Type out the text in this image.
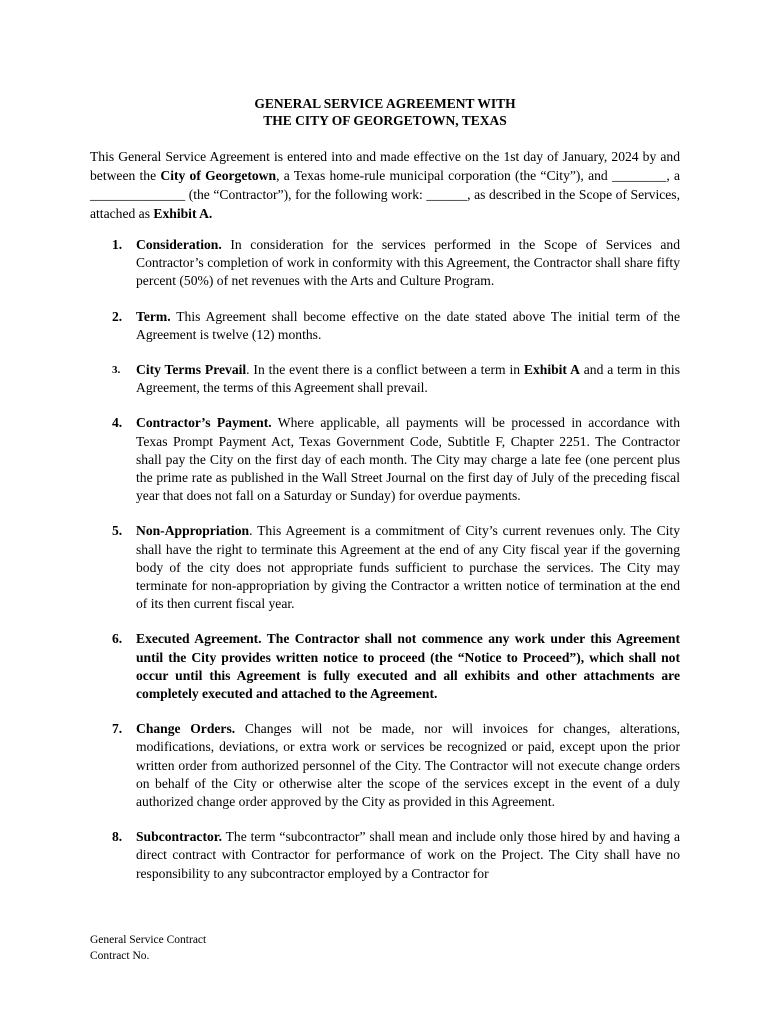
GENERAL SERVICE AGREEMENT WITH
THE CITY OF GEORGETOWN, TEXAS
This General Service Agreement is entered into and made effective on the 1st day of January, 2024 by and between the City of Georgetown, a Texas home-rule municipal corporation (the “City”), and ________, a ______________ (the “Contractor”), for the following work: ______, as described in the Scope of Services, attached as Exhibit A.
1. Consideration. In consideration for the services performed in the Scope of Services and Contractor’s completion of work in conformity with this Agreement, the Contractor shall share fifty percent (50%) of net revenues with the Arts and Culture Program.
2. Term. This Agreement shall become effective on the date stated above The initial term of the Agreement is twelve (12) months.
3. City Terms Prevail. In the event there is a conflict between a term in Exhibit A and a term in this Agreement, the terms of this Agreement shall prevail.
4. Contractor’s Payment. Where applicable, all payments will be processed in accordance with Texas Prompt Payment Act, Texas Government Code, Subtitle F, Chapter 2251. The Contractor shall pay the City on the first day of each month. The City may charge a late fee (one percent plus the prime rate as published in the Wall Street Journal on the first day of July of the preceding fiscal year that does not fall on a Saturday or Sunday) for overdue payments.
5. Non-Appropriation. This Agreement is a commitment of City’s current revenues only. The City shall have the right to terminate this Agreement at the end of any City fiscal year if the governing body of the city does not appropriate funds sufficient to purchase the services. The City may terminate for non-appropriation by giving the Contractor a written notice of termination at the end of its then current fiscal year.
6. Executed Agreement. The Contractor shall not commence any work under this Agreement until the City provides written notice to proceed (the “Notice to Proceed”), which shall not occur until this Agreement is fully executed and all exhibits and other attachments are completely executed and attached to the Agreement.
7. Change Orders. Changes will not be made, nor will invoices for changes, alterations, modifications, deviations, or extra work or services be recognized or paid, except upon the prior written order from authorized personnel of the City. The Contractor will not execute change orders on behalf of the City or otherwise alter the scope of the services except in the event of a duly authorized change order approved by the City as provided in this Agreement.
8. Subcontractor. The term “subcontractor” shall mean and include only those hired by and having a direct contract with Contractor for performance of work on the Project. The City shall have no responsibility to any subcontractor employed by a Contractor for
General Service Contract
Contract No.
